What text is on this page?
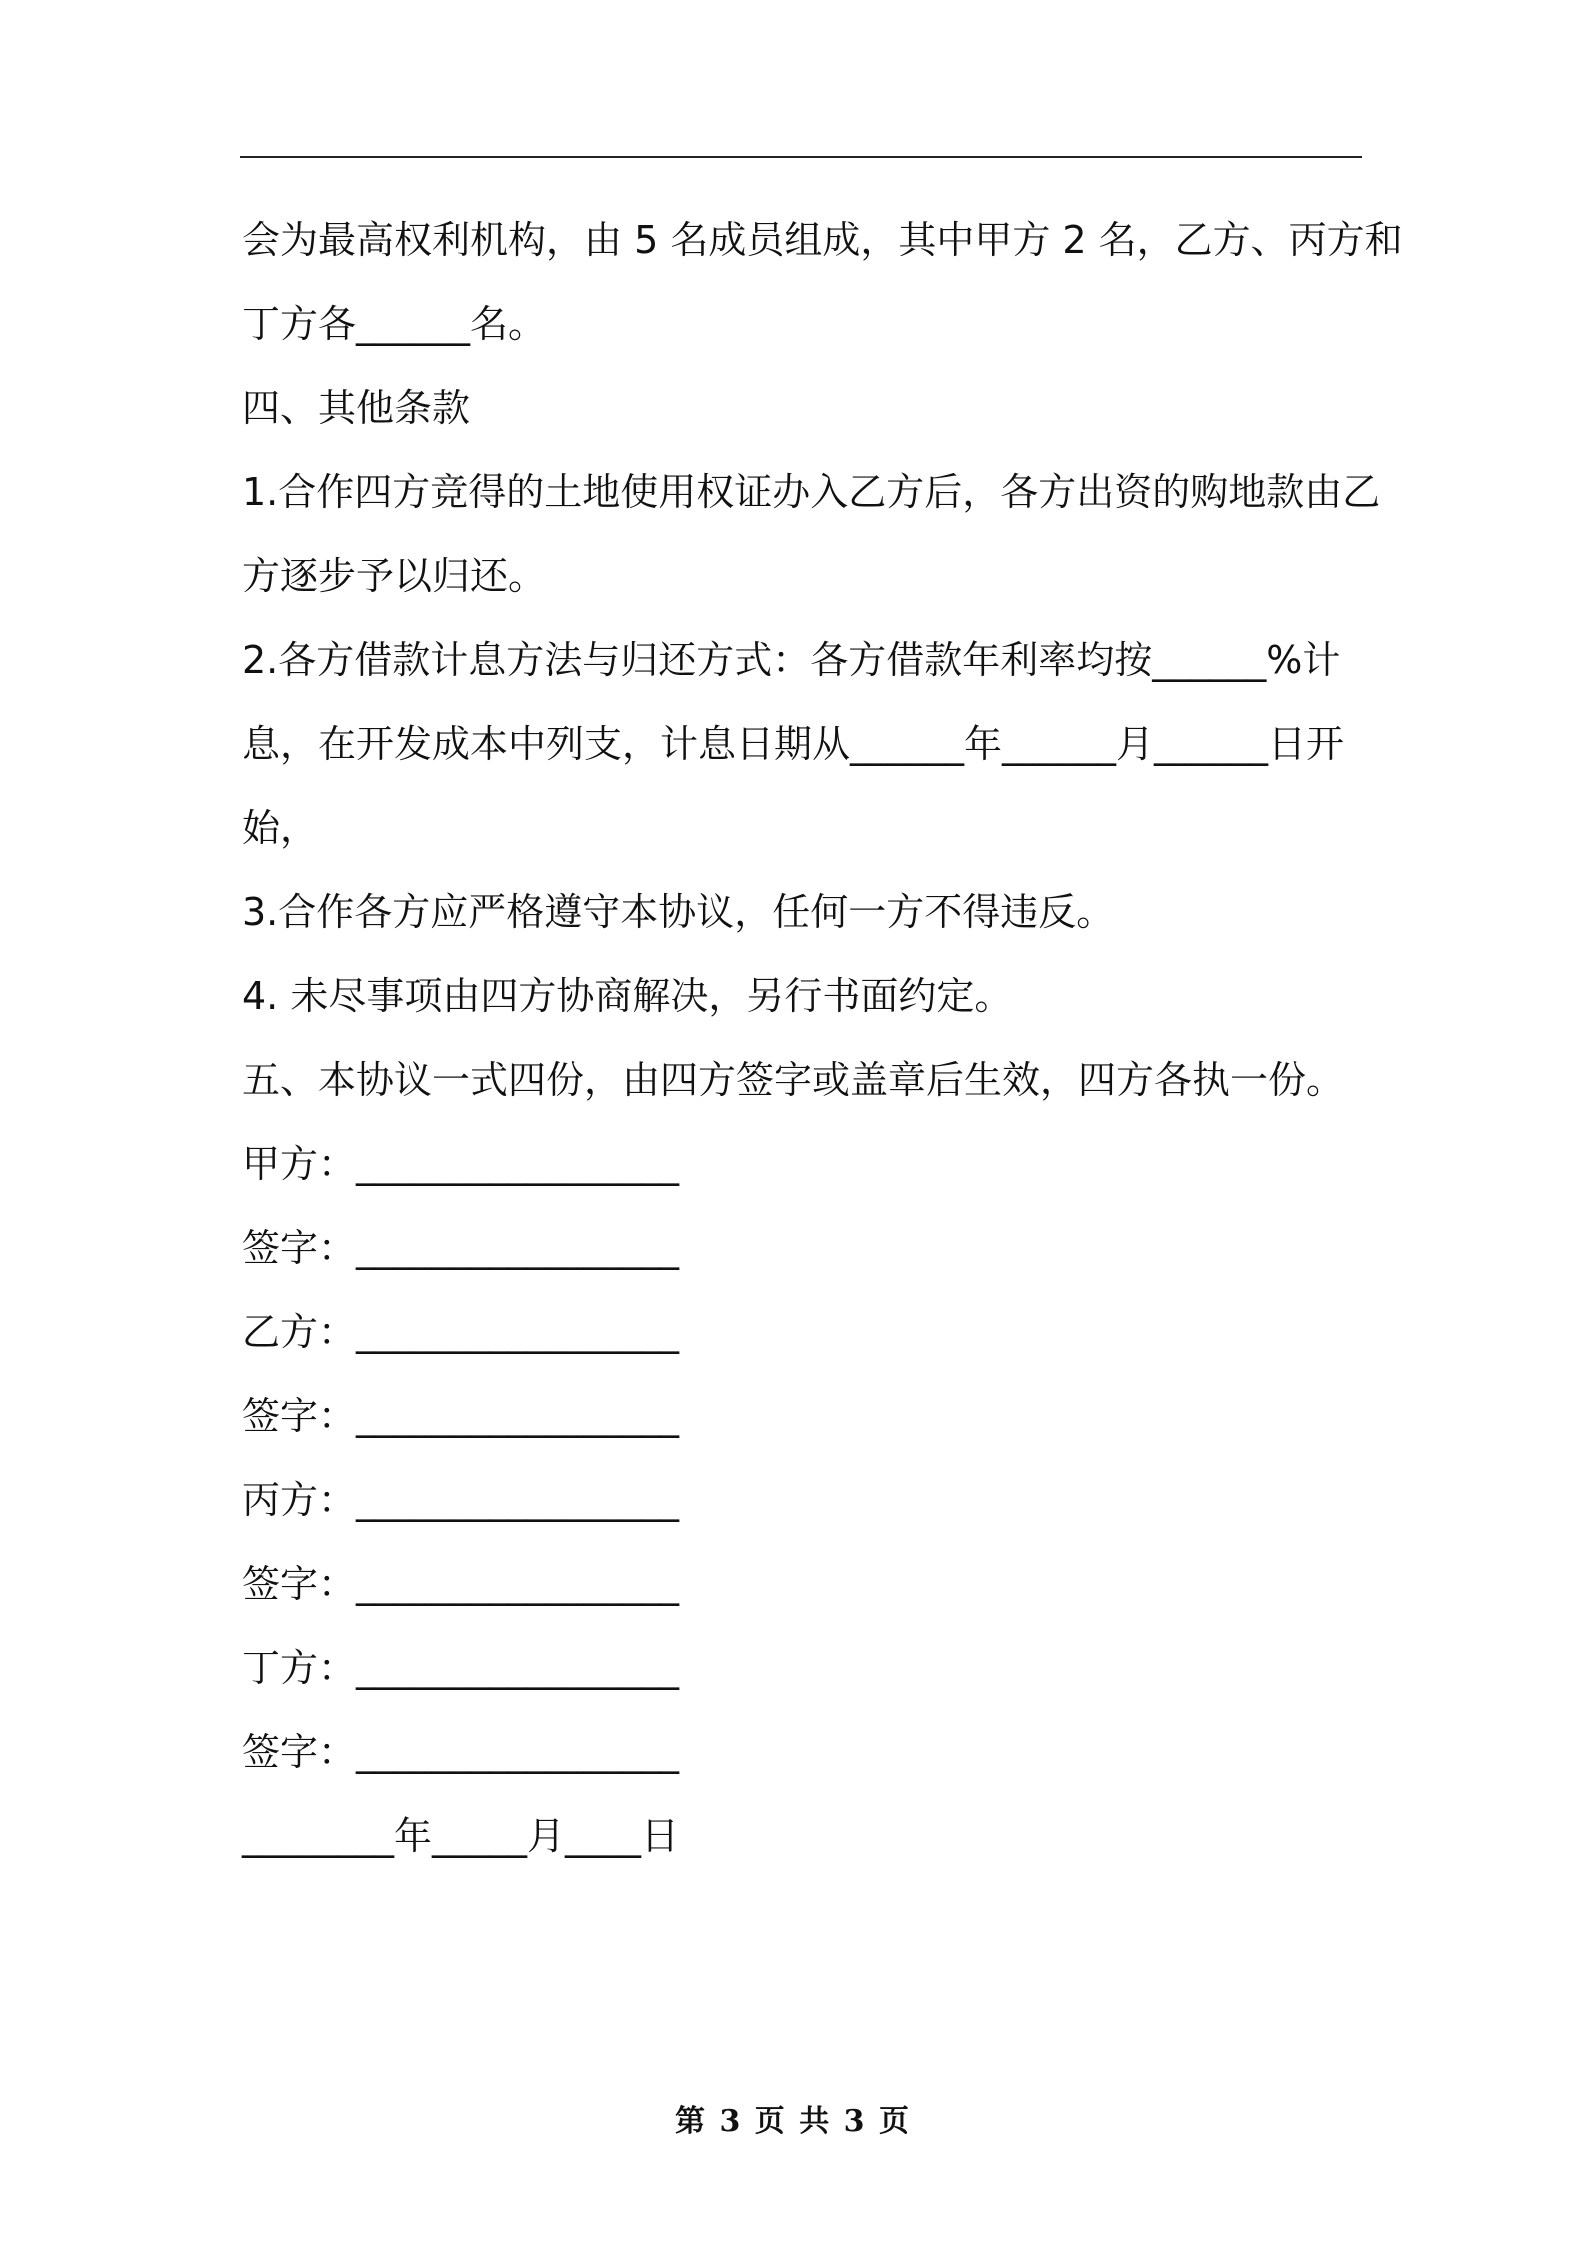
会为最高权利机构，由 5 名成员组成，其中甲方 2 名，乙方、丙方和

丁方各______名。

四、其他条款

1.合作四方竞得的土地使用权证办入乙方后，各方出资的购地款由乙

方逐步予以归还。

2.各方借款计息方法与归还方式：各方借款年利率均按______%计

息，在开发成本中列支，计息日期从______年______月______日开

始，

3.合作各方应严格遵守本协议，任何一方不得违反。

4. 未尽事项由四方协商解决，另行书面约定。

五、本协议一式四份，由四方签字或盖章后生效，四方各执一份。

甲方：_________________

签字：_________________

乙方：_________________

签字：_________________

丙方：_________________

签字：_________________

丁方：_________________

签字：_________________

________年_____月____日

第 3 页 共 3 页
